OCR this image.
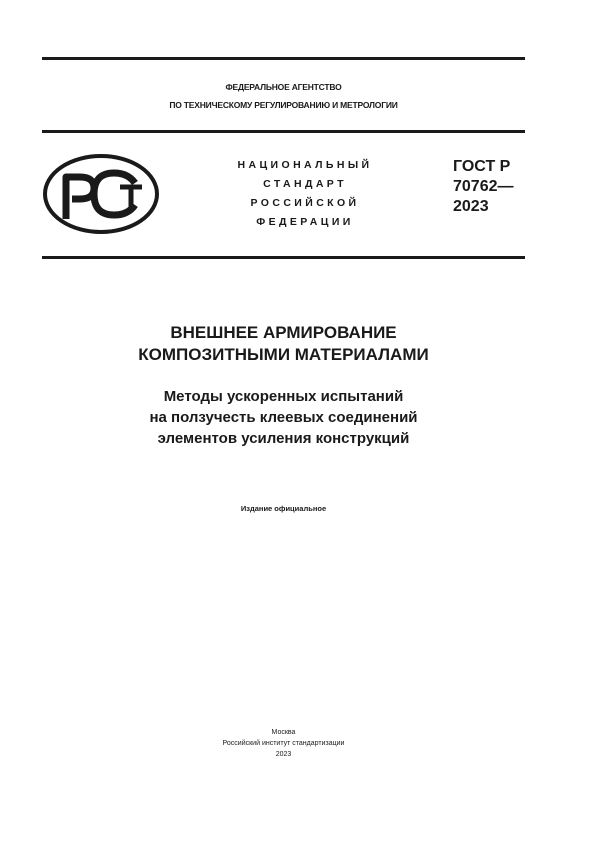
ФЕДЕРАЛЬНОЕ АГЕНТСТВО
ПО ТЕХНИЧЕСКОМУ РЕГУЛИРОВАНИЮ И МЕТРОЛОГИИ
НАЦИОНАЛЬНЫЙ
СТАНДАРТ
РОССИЙСКОЙ
ФЕДЕРАЦИИ
ГОСТ Р
70762—
2023
ВНЕШНЕЕ АРМИРОВАНИЕ
КОМПОЗИТНЫМИ МАТЕРИАЛАМИ
Методы ускоренных испытаний
на ползучесть клеевых соединений
элементов усиления конструкций
Издание официальное
Москва
Российский институт стандартизации
2023
